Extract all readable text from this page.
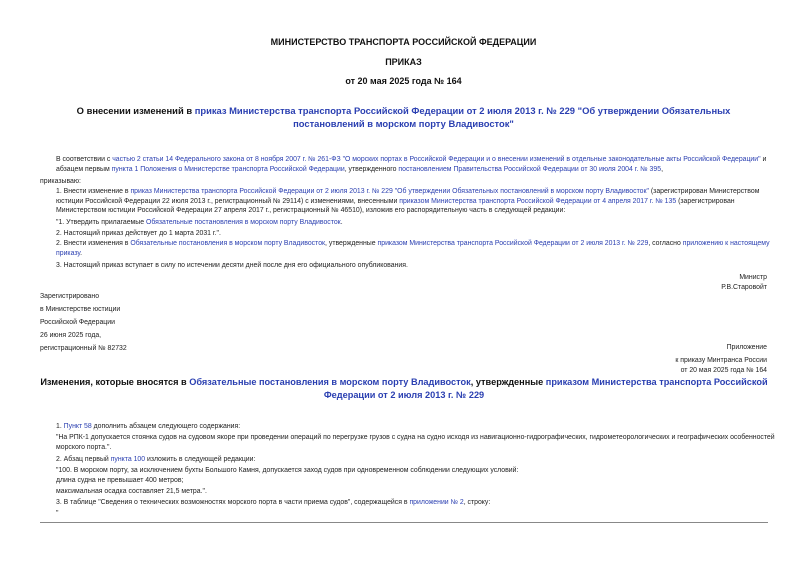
МИНИСТЕРСТВО ТРАНСПОРТА РОССИЙСКОЙ ФЕДЕРАЦИИ
ПРИКАЗ
от 20 мая 2025 года № 164
О внесении изменений в приказ Министерства транспорта Российской Федерации от 2 июля 2013 г. № 229 "Об утверждении Обязательных постановлений в морском порту Владивосток"
В соответствии с частью 2 статьи 14 Федерального закона от 8 ноября 2007 г. № 261-ФЗ "О морских портах в Российской Федерации и о внесении изменений в отдельные законодательные акты Российской Федерации" и абзацем первым пункта 1 Положения о Министерстве транспорта Российской Федерации, утвержденного постановлением Правительства Российской Федерации от 30 июля 2004 г. № 395,
приказываю:
1. Внести изменение в приказ Министерства транспорта Российской Федерации от 2 июля 2013 г. № 229 "Об утверждении Обязательных постановлений в морском порту Владивосток" (зарегистрирован Министерством юстиции Российской Федерации 22 июля 2013 г., регистрационный № 29114) с изменениями, внесенными приказом Министерства транспорта Российской Федерации от 4 апреля 2017 г. № 135 (зарегистрирован Министерством юстиции Российской Федерации 27 апреля 2017 г., регистрационный № 46510), изложив его распорядительную часть в следующей редакции:
"1. Утвердить прилагаемые Обязательные постановления в морском порту Владивосток.
2. Настоящий приказ действует до 1 марта 2031 г.".
2. Внести изменения в Обязательные постановления в морском порту Владивосток, утвержденные приказом Министерства транспорта Российской Федерации от 2 июля 2013 г. № 229, согласно приложению к настоящему приказу.
3. Настоящий приказ вступает в силу по истечении десяти дней после дня его официального опубликования.
Министр
Р.В.Старовойт
Зарегистрировано
в Министерстве юстиции
Российской Федерации
26 июня 2025 года,
регистрационный № 82732	Приложение
к приказу Минтранса России
от 20 мая 2025 года № 164
Изменения, которые вносятся в Обязательные постановления в морском порту Владивосток, утвержденные приказом Министерства транспорта Российской Федерации от 2 июля 2013 г. № 229
1. Пункт 58 дополнить абзацем следующего содержания:
"На РПК-1 допускается стоянка судов на судовом якоре при проведении операций по перегрузке грузов с судна на судно исходя из навигационно-гидрографических, гидрометеорологических и географических особенностей морского порта.".
2. Абзац первый пункта 100 изложить в следующей редакции:
"100. В морском порту, за исключением бухты Большого Камня, допускается заход судов при одновременном соблюдении следующих условий:
длина судна не превышает 400 метров;
максимальная осадка составляет 21,5 метра.".
3. В таблице "Сведения о технических возможностях морского порта в части приема судов", содержащейся в приложении № 2, строку:
"
